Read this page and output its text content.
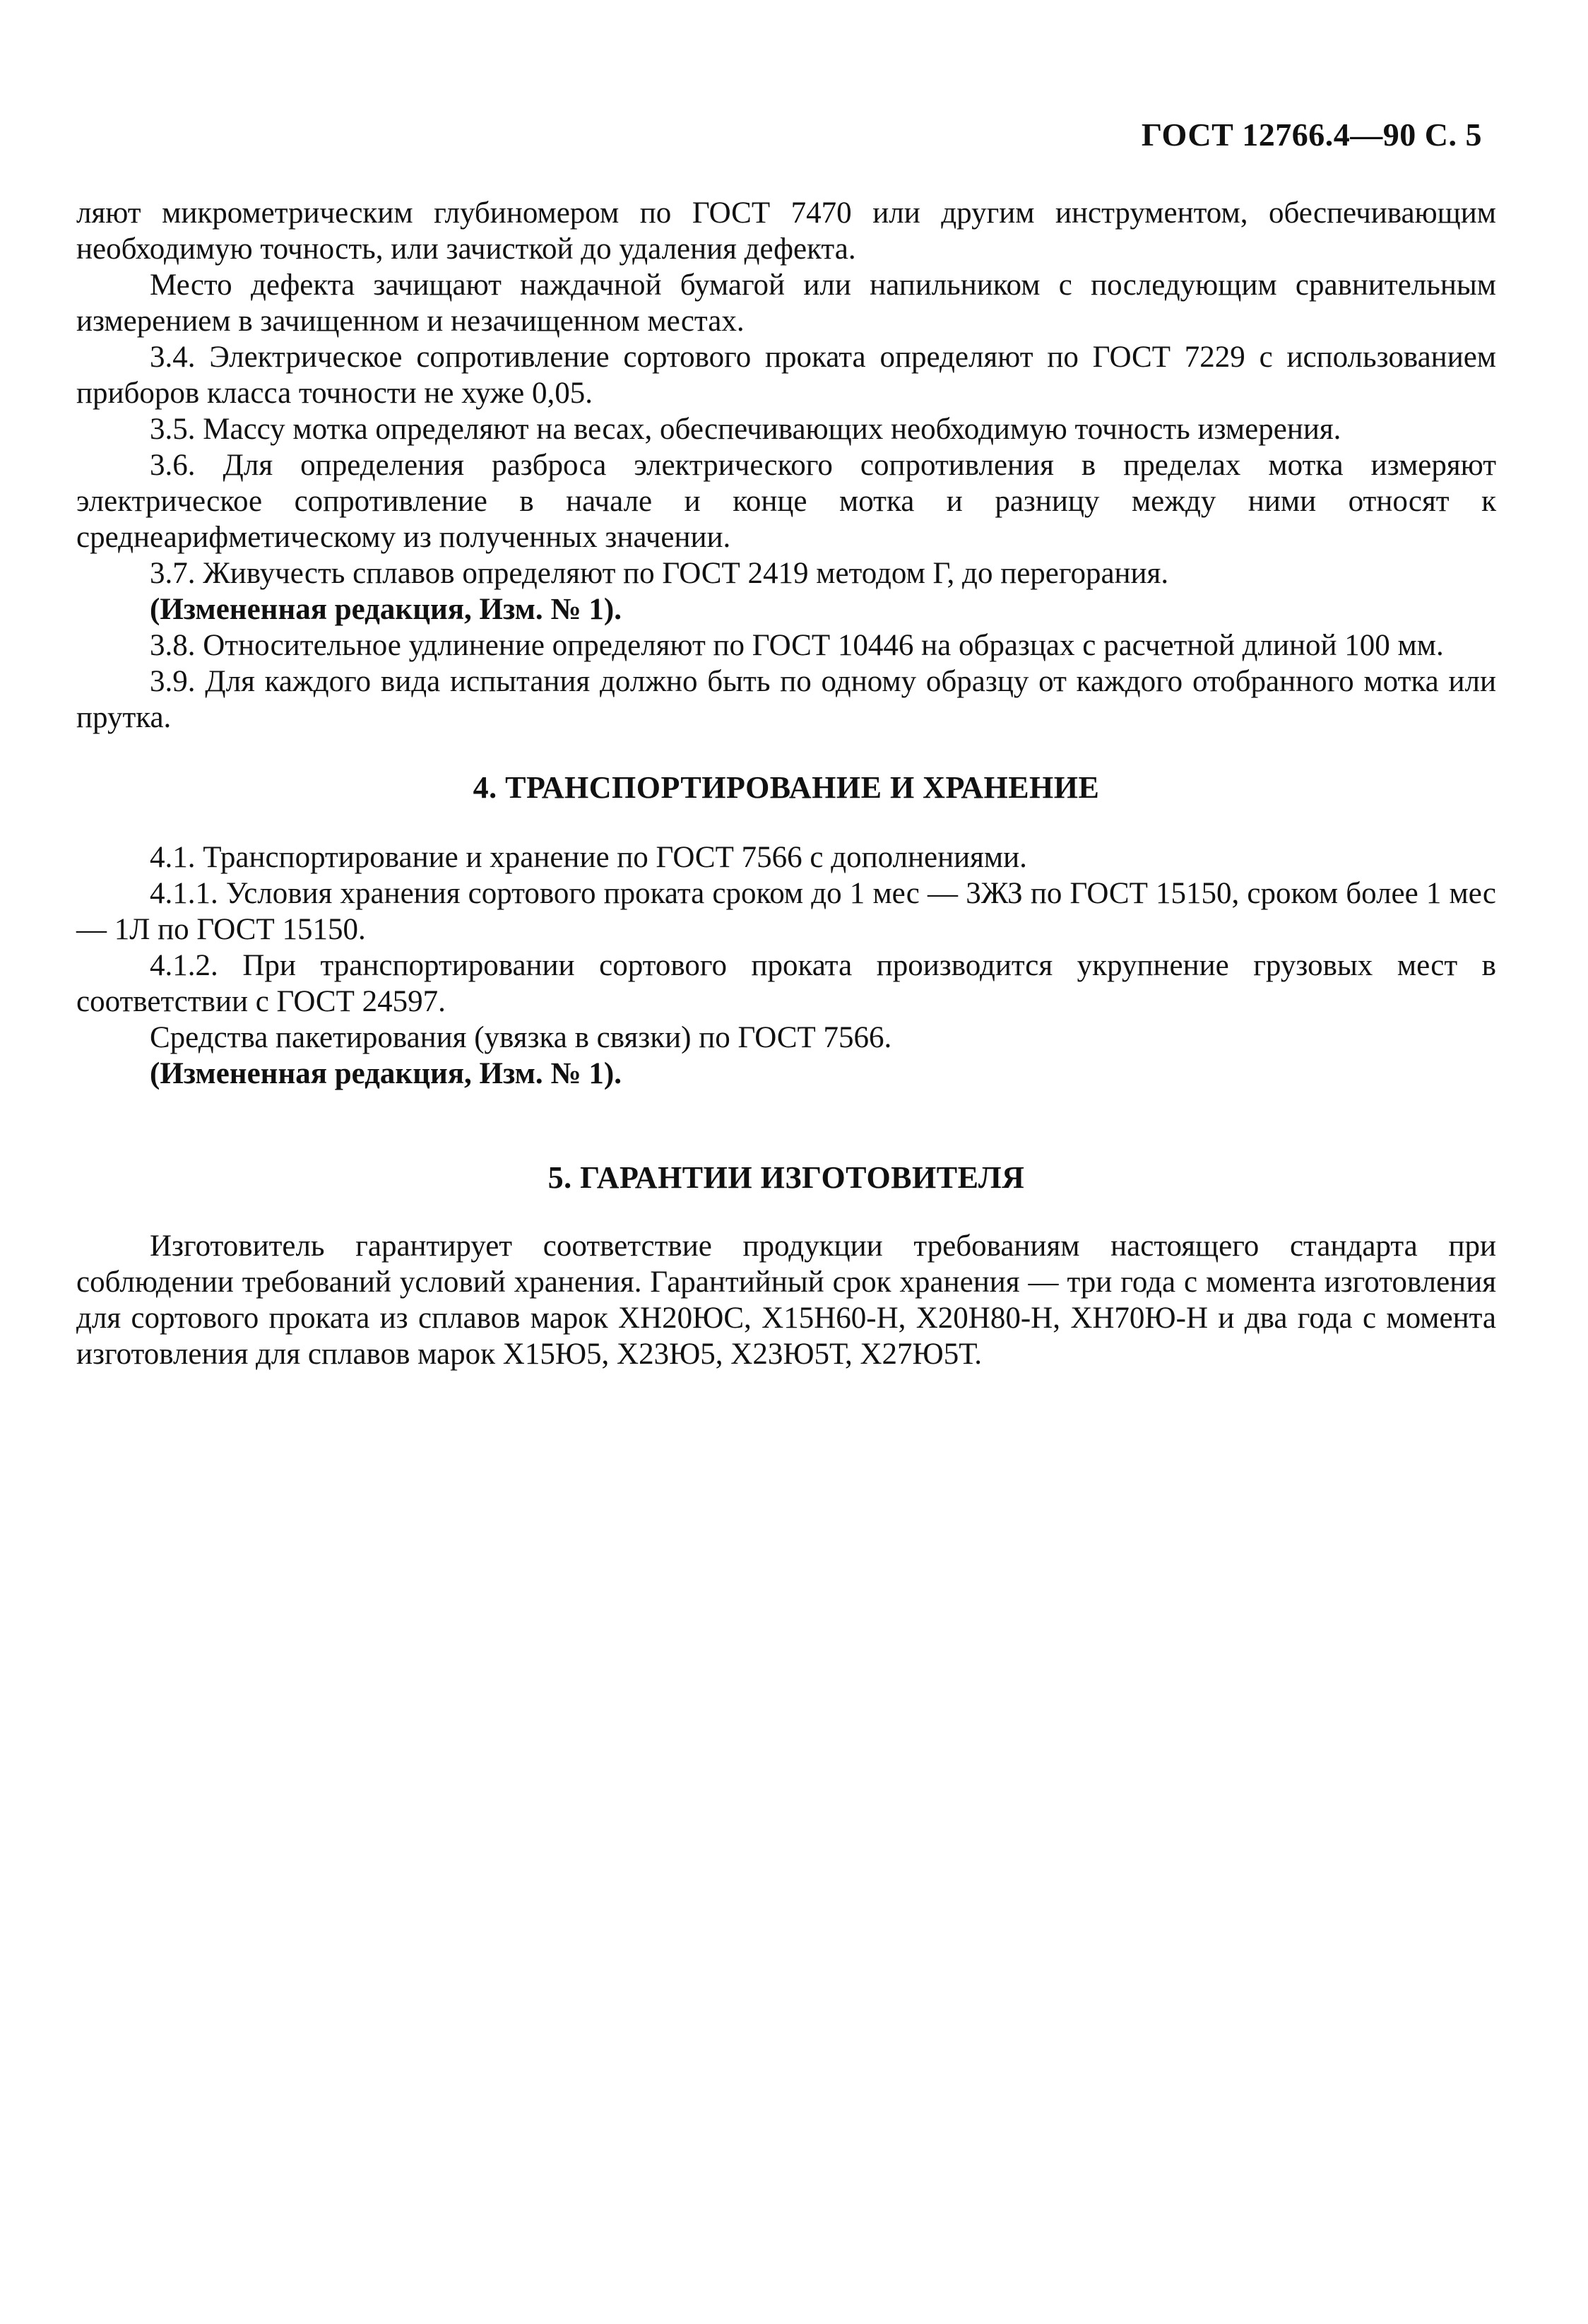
ГОСТ 12766.4—90 С. 5

ляют микрометрическим глубиномером по ГОСТ 7470 или другим инструментом, обеспечивающим необходимую точность, или зачисткой до удаления дефекта.

Место дефекта зачищают наждачной бумагой или напильником с последующим сравнительным измерением в зачищенном и незачищенном местах.

3.4. Электрическое сопротивление сортового проката определяют по ГОСТ 7229 с использованием приборов класса точности не хуже 0,05.

3.5. Массу мотка определяют на весах, обеспечивающих необходимую точность измерения.

3.6. Для определения разброса электрического сопротивления в пределах мотка измеряют электрическое сопротивление в начале и конце мотка и разницу между ними относят к среднеарифметическому из полученных значении.

3.7. Живучесть сплавов определяют по ГОСТ 2419 методом Г, до перегорания.

(Измененная редакция, Изм. № 1).

3.8. Относительное удлинение определяют по ГОСТ 10446 на образцах с расчетной длиной 100 мм.

3.9. Для каждого вида испытания должно быть по одному образцу от каждого отобранного мотка или прутка.

4. ТРАНСПОРТИРОВАНИЕ И ХРАНЕНИЕ

4.1. Транспортирование и хранение по ГОСТ 7566 с дополнениями.

4.1.1. Условия хранения сортового проката сроком до 1 мес — 3ЖЗ по ГОСТ 15150, сроком более 1 мес — 1Л по ГОСТ 15150.

4.1.2. При транспортировании сортового проката производится укрупнение грузовых мест в соответствии с ГОСТ 24597.

Средства пакетирования (увязка в связки) по ГОСТ 7566.

(Измененная редакция, Изм. № 1).

5. ГАРАНТИИ ИЗГОТОВИТЕЛЯ

Изготовитель гарантирует соответствие продукции требованиям настоящего стандарта при соблюдении требований условий хранения. Гарантийный срок хранения — три года с момента изготовления для сортового проката из сплавов марок ХН20ЮС, Х15Н60-Н, Х20Н80-Н, ХН70Ю-Н и два года с момента изготовления для сплавов марок Х15Ю5, Х23Ю5, Х23Ю5Т, Х27Ю5Т.
